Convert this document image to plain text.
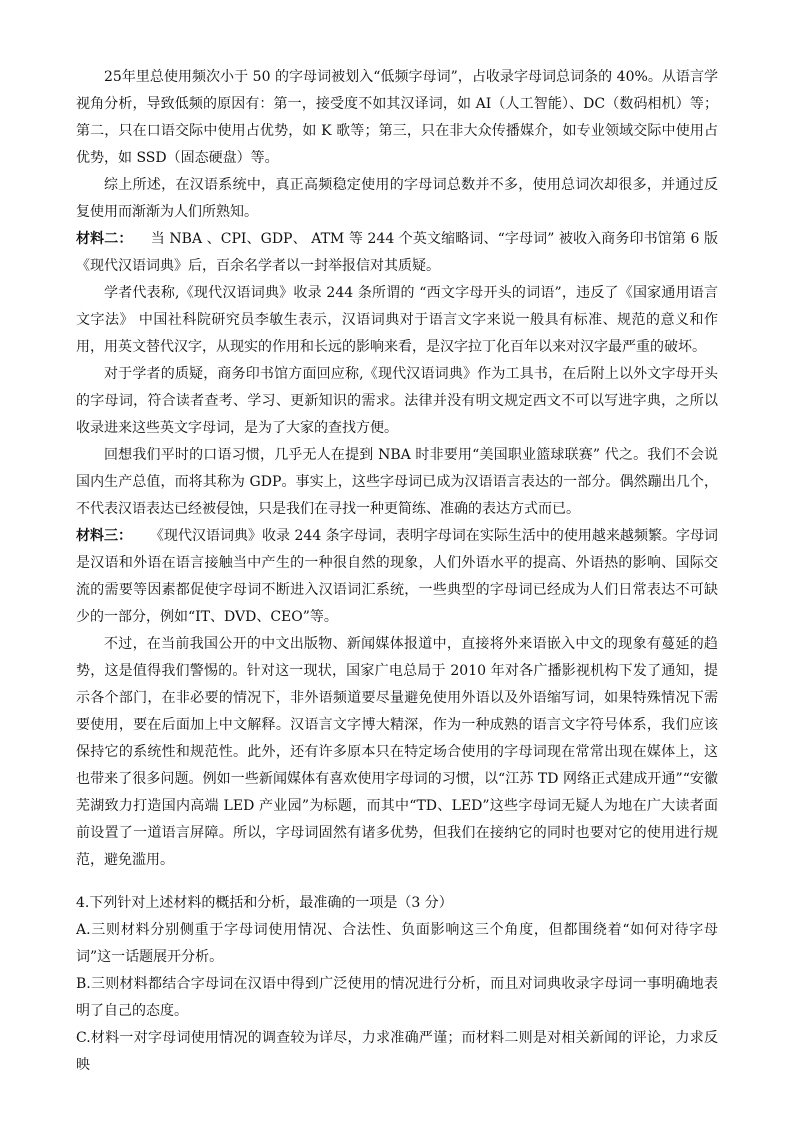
25年里总使用频次小于 50 的字母词被划入“低频字母词”，占收录字母词总词条的 40%。从语言学视角分析，导致低频的原因有：第一，接受度不如其汉译词，如 AI（人工智能）、DC（数码相机）等；第二，只在口语交际中使用占优势，如 K 歌等；第三，只在非大众传播媒介，如专业领域交际中使用占优势，如 SSD（固态硬盘）等。

综上所述，在汉语系统中，真正高频稳定使用的字母词总数并不多，使用总词次却很多，并通过反复使用而渐渐为人们所熟知。

材料二： 当 NBA 、CPI、GDP、 ATM 等 244 个英文缩略词、“字母词” 被收入商务印书馆第 6 版《现代汉语词典》后，百余名学者以一封举报信对其质疑。

学者代表称,《现代汉语词典》收录 244 条所谓的 “西文字母开头的词语”，违反了《国家通用语言文字法》 中国社科院研究员李敏生表示，汉语词典对于语言文字来说一般具有标准、规范的意义和作用，用英文替代汉字，从现实的作用和长远的影响来看，是汉字拉丁化百年以来对汉字最严重的破坏。

对于学者的质疑，商务印书馆方面回应称,《现代汉语词典》作为工具书，在后附上以外文字母开头的字母词，符合读者查考、学习、更新知识的需求。法律并没有明文规定西文不可以写进字典，之所以收录进来这些英文字母词，是为了大家的查找方便。

回想我们平时的口语习惯，几乎无人在提到 NBA 时非要用“美国职业篮球联赛” 代之。我们不会说国内生产总值，而将其称为 GDP。事实上，这些字母词已成为汉语语言表达的一部分。偶然蹦出几个，不代表汉语表达已经被侵蚀，只是我们在寻找一种更简练、准确的表达方式而已。

材料三： 《现代汉语词典》收录 244 条字母词，表明字母词在实际生活中的使用越来越频繁。字母词是汉语和外语在语言接触当中产生的一种很自然的现象，人们外语水平的提高、外语热的影响、国际交流的需要等因素都促使字母词不断进入汉语词汇系统，一些典型的字母词已经成为人们日常表达不可缺少的一部分，例如“IT、DVD、CEO”等。

不过，在当前我国公开的中文出版物、新闻媒体报道中，直接将外来语嵌入中文的现象有蔓延的趋势，这是值得我们警惕的。针对这一现状，国家广电总局于 2010 年对各广播影视机构下发了通知，提示各个部门，在非必要的情况下，非外语频道要尽量避免使用外语以及外语缩写词，如果特殊情况下需要使用，要在后面加上中文解释。汉语言文字博大精深，作为一种成熟的语言文字符号体系，我们应该保持它的系统性和规范性。此外，还有许多原本只在特定场合使用的字母词现在常常出现在媒体上，这也带来了很多问题。例如一些新闻媒体有喜欢使用字母词的习惯，以“江苏 TD 网络正式建成开通”“安徽芜湖致力打造国内高端 LED 产业园”为标题，而其中“TD、LED”这些字母词无疑人为地在广大读者面前设置了一道语言屏障。所以，字母词固然有诸多优势，但我们在接纳它的同时也要对它的使用进行规范，避免滥用。

4.下列针对上述材料的概括和分析，最准确的一项是（3 分）

A.三则材料分别侧重于字母词使用情况、合法性、负面影响这三个角度，但都围绕着“如何对待字母词”这一话题展开分析。

B.三则材料都结合字母词在汉语中得到广泛使用的情况进行分析，而且对词典收录字母词一事明确地表明了自己的态度。

C.材料一对字母词使用情况的调查较为详尽，力求准确严谨；而材料二则是对相关新闻的评论，力求反映
